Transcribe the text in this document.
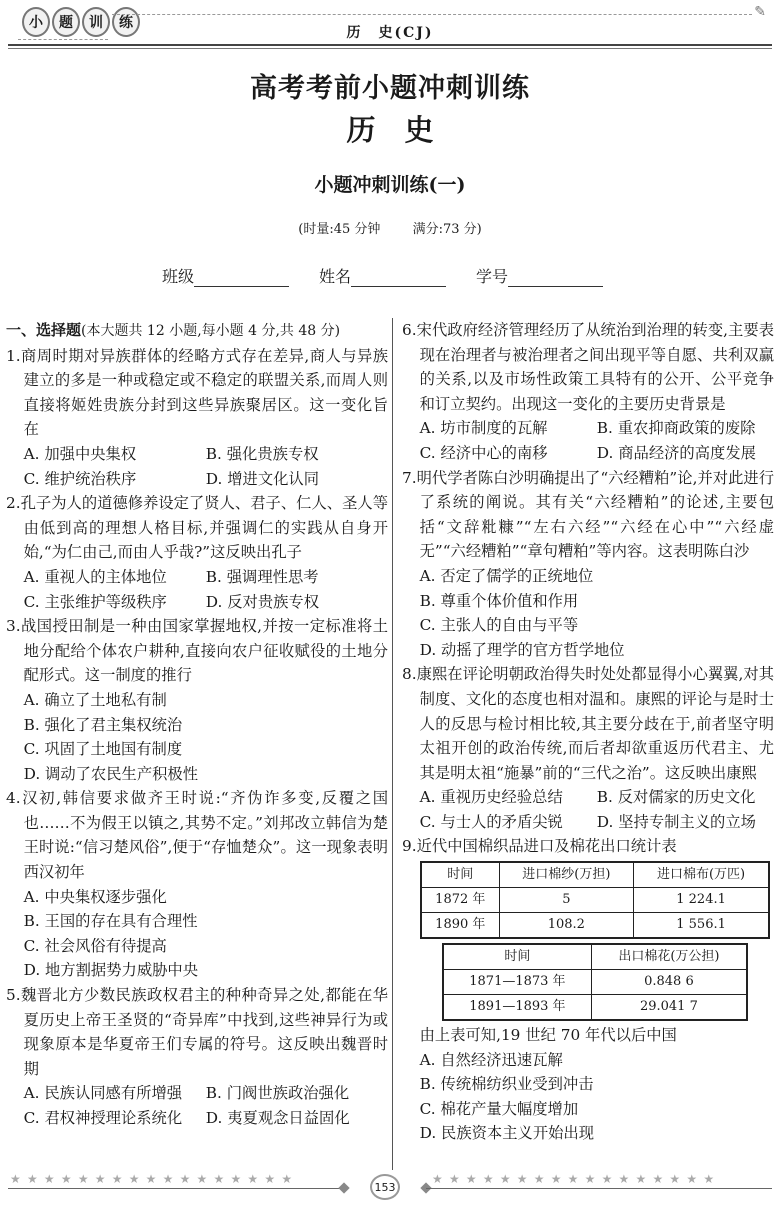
小	题	训	练
✎
历　史(CJ)
高考考前小题冲刺训练
历　史
小题冲刺训练(一)
(时量:45 分钟 满分:73 分)
班级	姓名	学号
一、选择题(本大题共 12 小题,每小题 4 分,共 48 分)
1.商周时期对异族群体的经略方式存在差异,商人与异族建立的多是一种或稳定或不稳定的联盟关系,而周人则直接将姬姓贵族分封到这些异族聚居区。这一变化旨在
A. 加强中央集权	B. 强化贵族专权
C. 维护统治秩序	D. 增进文化认同
2.孔子为人的道德修养设定了贤人、君子、仁人、圣人等由低到高的理想人格目标,并强调仁的实践从自身开始,“为仁由己,而由人乎哉?”这反映出孔子
A. 重视人的主体地位	B. 强调理性思考
C. 主张维护等级秩序	D. 反对贵族专权
3.战国授田制是一种由国家掌握地权,并按一定标准将土地分配给个体农户耕种,直接向农户征收赋役的土地分配形式。这一制度的推行
A. 确立了土地私有制
B. 强化了君主集权统治
C. 巩固了土地国有制度
D. 调动了农民生产积极性
4.汉初,韩信要求做齐王时说:“齐伪诈多变,反覆之国也……不为假王以镇之,其势不定。”刘邦改立韩信为楚王时说:“信习楚风俗”,便于“存恤楚众”。这一现象表明西汉初年
A. 中央集权逐步强化
B. 王国的存在具有合理性
C. 社会风俗有待提高
D. 地方割据势力威胁中央
5.魏晋北方少数民族政权君主的种种奇异之处,都能在华夏历史上帝王圣贤的“奇异库”中找到,这些神异行为或现象原本是华夏帝王们专属的符号。这反映出魏晋时期
A. 民族认同感有所增强	B. 门阀世族政治强化
C. 君权神授理论系统化	D. 夷夏观念日益固化
6.宋代政府经济管理经历了从统治到治理的转变,主要表现在治理者与被治理者之间出现平等自愿、共利双赢的关系,以及市场性政策工具特有的公开、公平竞争和订立契约。出现这一变化的主要历史背景是
A. 坊市制度的瓦解	B. 重农抑商政策的废除
C. 经济中心的南移	D. 商品经济的高度发展
7.明代学者陈白沙明确提出了“六经糟粕”论,并对此进行了系统的阐说。其有关“六经糟粕”的论述,主要包括“文辞粃糠”“左右六经”“六经在心中”“六经虚无”“六经糟粕”“章句糟粕”等内容。这表明陈白沙
A. 否定了儒学的正统地位
B. 尊重个体价值和作用
C. 主张人的自由与平等
D. 动摇了理学的官方哲学地位
8.康熙在评论明朝政治得失时处处都显得小心翼翼,对其制度、文化的态度也相对温和。康熙的评论与是时士人的反思与检讨相比较,其主要分歧在于,前者坚守明太祖开创的政治传统,而后者却欲重返历代君主、尤其是明太祖“施暴”前的“三代之治”。这反映出康熙
A. 重视历史经验总结	B. 反对儒家的历史文化
C. 与士人的矛盾尖锐	D. 坚持专制主义的立场
9.近代中国棉织品进口及棉花出口统计表
时间	进口棉纱(万担)	进口棉布(万匹)
1872 年	5	1 224.1
1890 年	108.2	1 556.1
时间	出口棉花(万公担)
1871—1873 年	0.848 6
1891—1893 年	29.041 7
由上表可知,19 世纪 70 年代以后中国
A. 自然经济迅速瓦解
B. 传统棉纺织业受到冲击
C. 棉花产量大幅度增加
D. 民族资本主义开始出现
★★★★★★★★★★★★★★★★★
153
★★★★★★★★★★★★★★★★★
